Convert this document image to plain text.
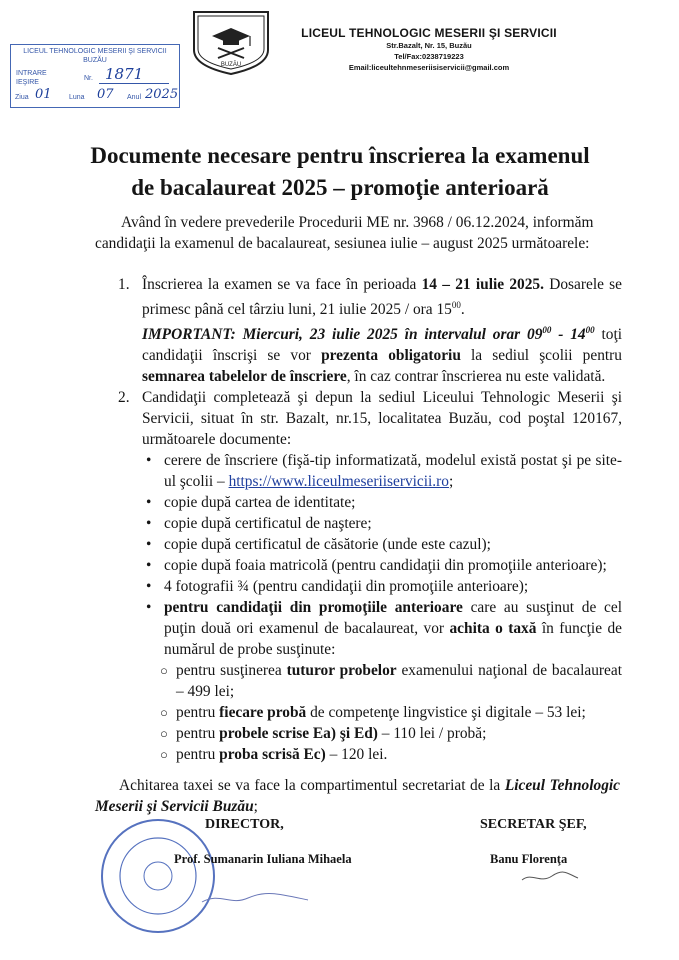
BUZĂU
LICEUL TEHNOLOGIC MESERII ŞI SERVICII
Str.Bazalt, Nr. 15, Buzău
Tel/Fax:0238719223
Email:liceultehnmeseriisiservicii@gmail.com
LICEUL TEHNOLOGIC MESERII ŞI SERVICII
BUZĂU
INTRARE
IEŞIRE
Nr. 1871
Ziua 01 Luna 07 Anul 2025
Documente necesare pentru înscrierea la examenul
de bacalaureat 2025 – promoţie anterioară
Având în vedere prevederile Procedurii ME nr. 3968 / 06.12.2024, informăm
candidaţii la examenul de bacalaureat, sesiunea iulie – august 2025 următoarele:
1. Înscrierea la examen se va face în perioada 14 – 21 iulie 2025. Dosarele se primesc până cel târziu luni, 21 iulie 2025 / ora $15^{00}$.
IMPORTANT: Miercuri, 23 iulie 2025 în intervalul orar $09^{00} - 14^{00}$ toţi candidaţii înscrişi se vor prezenta obligatoriu la sediul şcolii pentru semnarea tabelelor de înscriere, în caz contrar înscrierea nu este validată.
2. Candidaţii completează şi depun la sediul Liceului Tehnologic Meserii şi Servicii, situat în str. Bazalt, nr.15, localitatea Buzău, cod poştal 120167, următoarele documente:
• cerere de înscriere (fişă-tip informatizată, modelul există postat şi pe site-ul şcolii – https://www.liceulmeseriiservicii.ro;
• copie după cartea de identitate;
• copie după certificatul de naştere;
• copie după certificatul de căsătorie (unde este cazul);
• copie după foaia matricolă (pentru candidaţii din promoţiile anterioare);
• 4 fotografii ¾ (pentru candidaţii din promoţiile anterioare);
• pentru candidaţii din promoţiile anterioare care au susţinut de cel puţin două ori examenul de bacalaureat, vor achita o taxă în funcţie de numărul de probe susţinute:
○ pentru susţinerea tuturor probelor examenului naţional de bacalaureat – 499 lei;
○ pentru fiecare probă de competenţe lingvistice şi digitale – 53 lei;
○ pentru probele scrise Ea) şi Ed) – 110 lei / probă;
○ pentru proba scrisă Ec) – 120 lei.
Achitarea taxei se va face la compartimentul secretariat de la Liceul Tehnologic Meserii şi Servicii Buzău;
DIRECTOR,
Prof. Sumanarin Iuliana Mihaela
SECRETAR ŞEF,
Banu Florenţa
